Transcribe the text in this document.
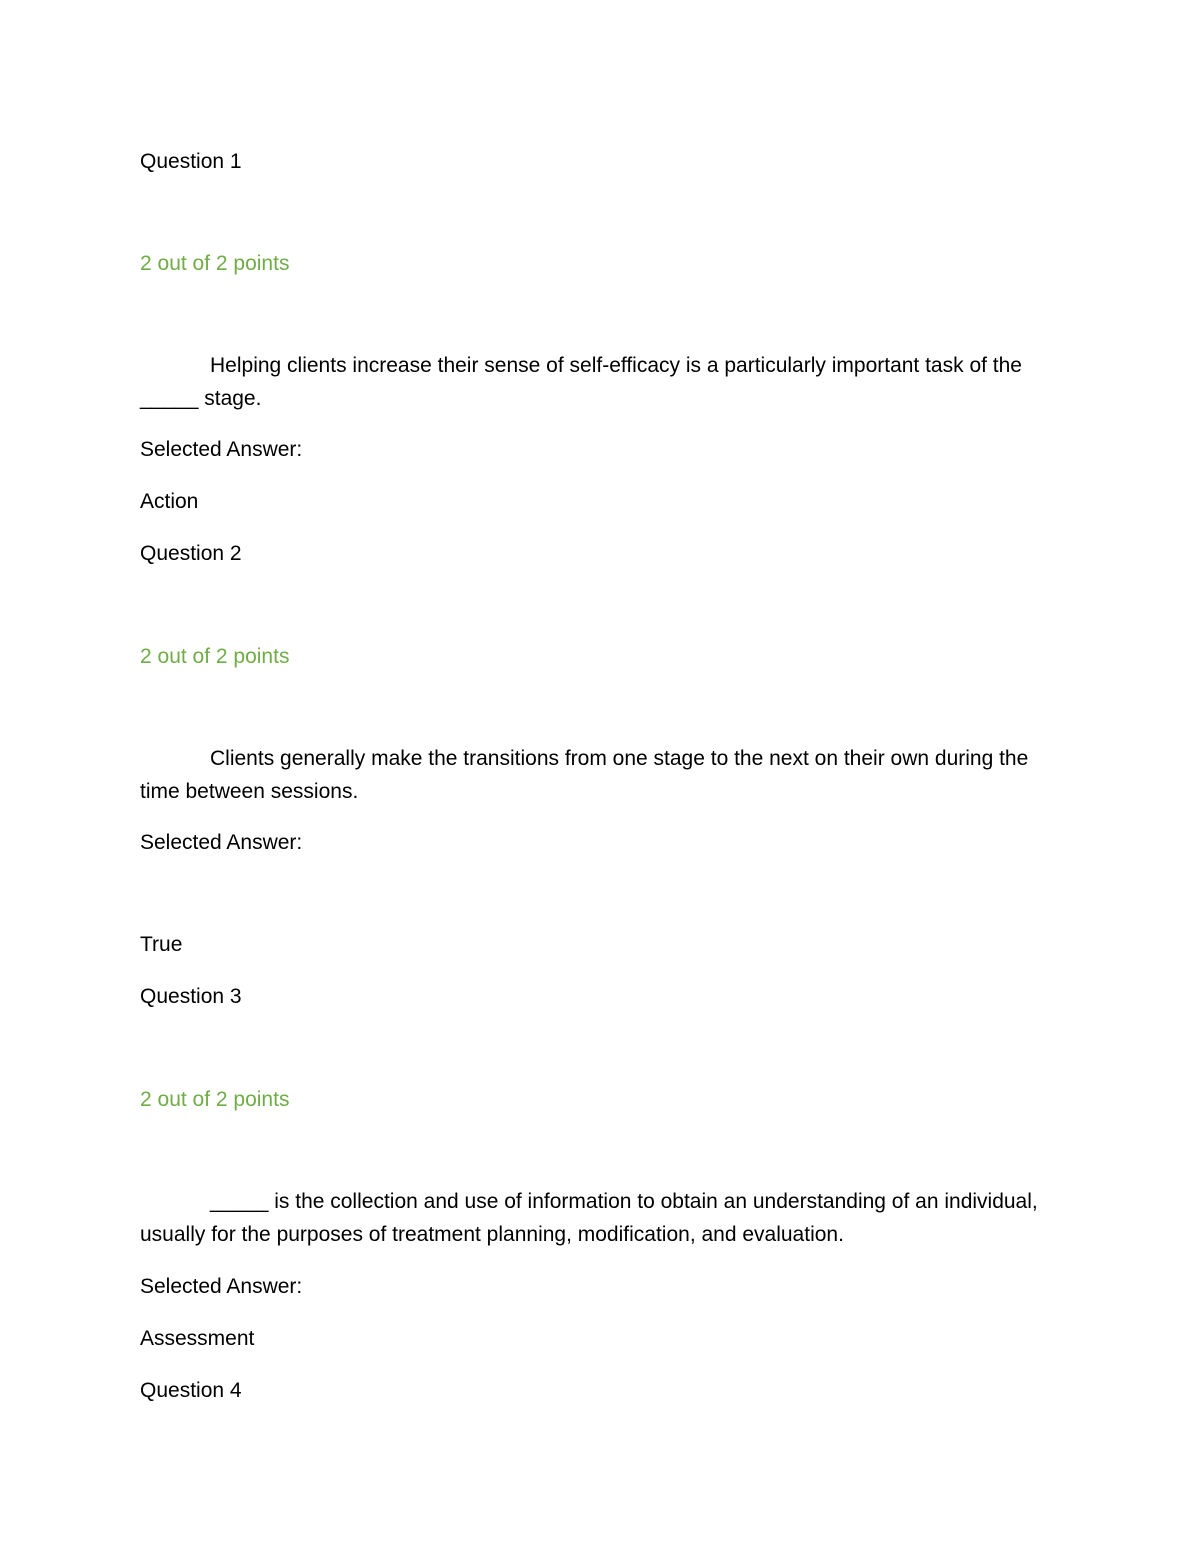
Question 1
2 out of 2 points
Helping clients increase their sense of self-efficacy is a particularly important task of the _____ stage.
Selected Answer:
Action
Question 2
2 out of 2 points
Clients generally make the transitions from one stage to the next on their own during the time between sessions.
Selected Answer:
True
Question 3
2 out of 2 points
_____ is the collection and use of information to obtain an understanding of an individual, usually for the purposes of treatment planning, modification, and evaluation.
Selected Answer:
Assessment
Question 4
